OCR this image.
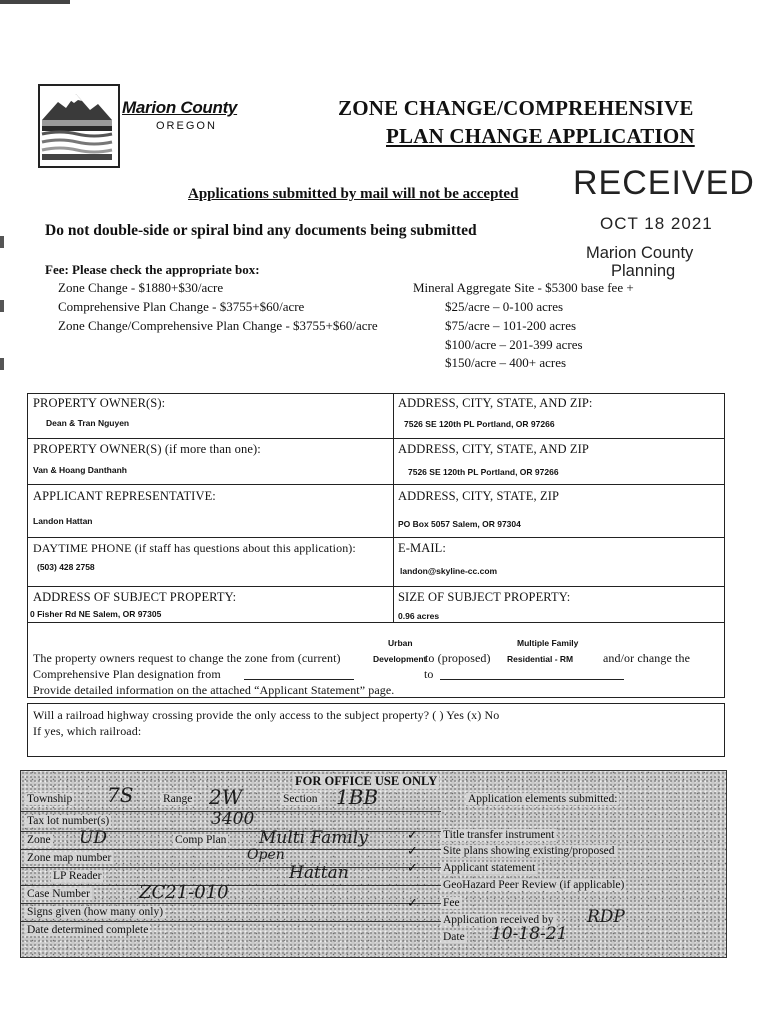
Marion County
OREGON
ZONE CHANGE/COMPREHENSIVE
PLAN CHANGE APPLICATION
RECEIVED
OCT 18 2021
Marion County
Planning
Applications submitted by mail will not be accepted
Do not double-side or spiral bind any documents being submitted
Fee: Please check the appropriate box:
Zone Change - $1880+$30/acre
Comprehensive Plan Change - $3755+$60/acre
Zone Change/Comprehensive Plan Change - $3755+$60/acre
Mineral Aggregate Site - $5300 base fee +
$25/acre – 0-100 acres
$75/acre – 101-200 acres
$100/acre – 201-399 acres
$150/acre – 400+ acres
PROPERTY OWNER(S):
Dean & Tran Nguyen
ADDRESS, CITY, STATE, AND ZIP:
7526 SE 120th PL Portland, OR 97266
PROPERTY OWNER(S) (if more than one):
Van & Hoang Danthanh
ADDRESS, CITY, STATE, AND ZIP
7526 SE 120th PL Portland, OR 97266
APPLICANT REPRESENTATIVE:
Landon Hattan
ADDRESS, CITY, STATE, ZIP
PO Box 5057 Salem, OR 97304
DAYTIME PHONE (if staff has questions about this application):
(503) 428 2758
E-MAIL:
landon@skyline-cc.com
ADDRESS OF SUBJECT PROPERTY:
0 Fisher Rd NE Salem, OR 97305
SIZE OF SUBJECT PROPERTY:
0.96 acres
The property owners request to change the zone from (current)
Urban
Development
to (proposed)
Multiple Family
Residential - RM and/or change the
Comprehensive Plan designation from	to
Provide detailed information on the attached “Applicant Statement” page.
Will a railroad highway crossing provide the only access to the subject property? ( ) Yes (x) No
If yes, which railroad:
FOR OFFICE USE ONLY
Township 7S	Range 2W	Section 1BB
Tax lot number(s)	3400
Zone UD	Comp Plan Multi Family
Zone map number	Open
LP Reader	Hattan
Case Number	ZC21-010
Signs given (how many only)
Date determined complete
Application elements submitted:
✓ Title transfer instrument
✓ Site plans showing existing/proposed
✓ Applicant statement
GeoHazard Peer Review (if applicable)
✓ Fee
Application received by RDP
Date 10-18-21
